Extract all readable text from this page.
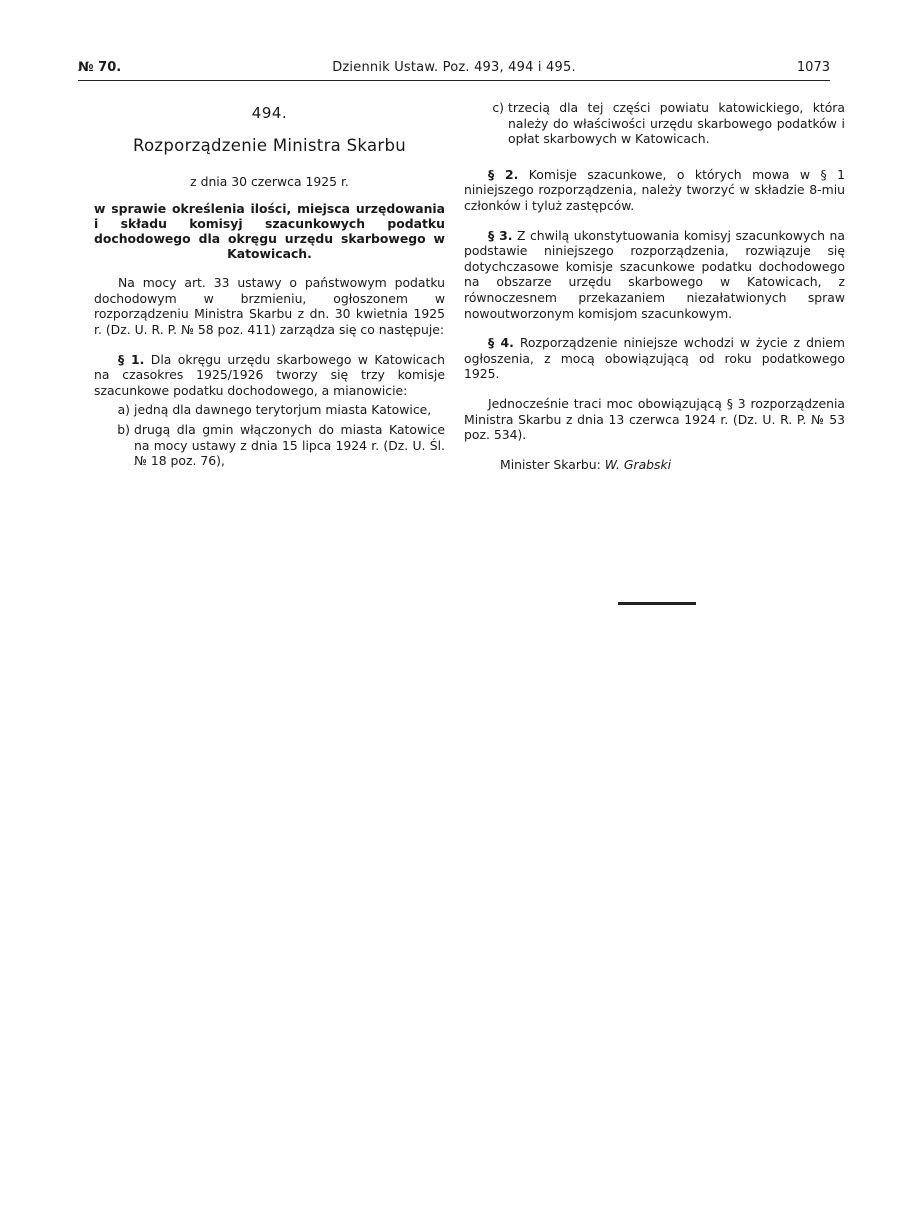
№ 70.	Dziennik Ustaw. Poz. 493, 494 i 495.	1073
494.
Rozporządzenie Ministra Skarbu
z dnia 30 czerwca 1925 r.
w sprawie określenia ilości, miejsca urzędowania i składu komisyj szacunkowych podatku dochodowego dla okręgu urzędu skarbowego w Katowicach.
Na mocy art. 33 ustawy o państwowym podatku dochodowym w brzmieniu, ogłoszonem w rozporządzeniu Ministra Skarbu z dn. 30 kwietnia 1925 r. (Dz. U. R. P. № 58 poz. 411) zarządza się co następuje:
§ 1. Dla okręgu urzędu skarbowego w Katowicach na czasokres 1925/1926 tworzy się trzy komisje szacunkowe podatku dochodowego, a mianowicie:
a) jedną dla dawnego terytorjum miasta Katowice,
b) drugą dla gmin włączonych do miasta Katowice na mocy ustawy z dnia 15 lipca 1924 r. (Dz. U. Śl. № 18 poz. 76),
c) trzecią dla tej części powiatu katowickiego, która należy do właściwości urzędu skarbowego podatków i opłat skarbowych w Katowicach.
§ 2. Komisje szacunkowe, o których mowa w § 1 niniejszego rozporządzenia, należy tworzyć w składzie 8-miu członków i tyluż zastępców.
§ 3. Z chwilą ukonstytuowania komisyj szacunkowych na podstawie niniejszego rozporządzenia, rozwiązuje się dotychczasowe komisje szacunkowe podatku dochodowego na obszarze urzędu skarbowego w Katowicach, z równoczesnem przekazaniem niezałatwionych spraw nowoutworzonym komisjom szacunkowym.
§ 4. Rozporządzenie niniejsze wchodzi w życie z dniem ogłoszenia, z mocą obowiązującą od roku podatkowego 1925.
Jednocześnie traci moc obowiązującą § 3 rozporządzenia Ministra Skarbu z dnia 13 czerwca 1924 r. (Dz. U. R. P. № 53 poz. 534).
Minister Skarbu: W. Grabski
